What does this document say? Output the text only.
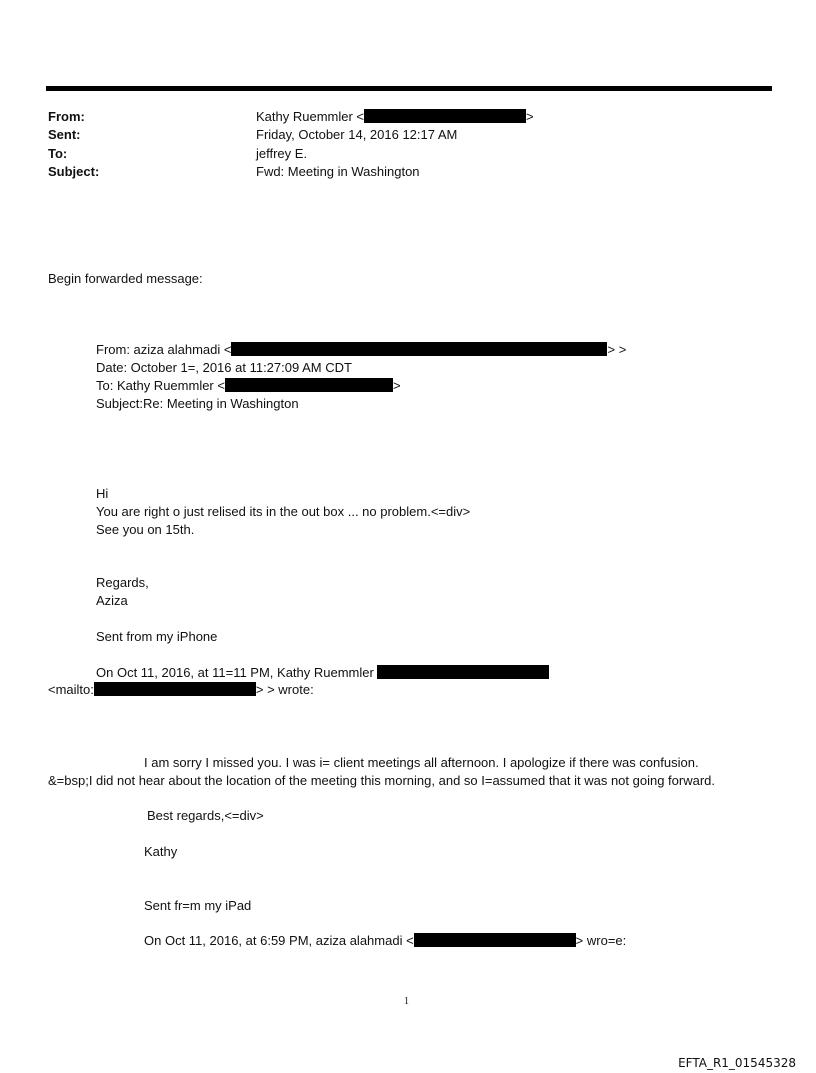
From:	Kathy Ruemmler <	>
Sent:	Friday, October 14, 2016 12:17 AM
To:	jeffrey E.
Subject:	Fwd: Meeting in Washington
Begin forwarded message:
From: aziza alahmadi <	> >
Date: October 1=, 2016 at 11:27:09 AM CDT
To: Kathy Ruemmler <	>
Subject:Re: Meeting in Washington
Hi
You are right o just relised its in the out box ... no problem.<=div>
See you on 15th.
Regards,
Aziza
Sent from my iPhone
On Oct 11, 2016, at 11=11 PM, Kathy Ruemmler
<mailto:	> > wrote:
I am sorry I missed you. I was i= client meetings all afternoon. I apologize if there was confusion.
&=bsp;I did not hear about the location of the meeting this morning, and so I=assumed that it was not going forward.
Best regards,<=div>
Kathy
Sent fr=m my iPad
On Oct 11, 2016, at 6:59 PM, aziza alahmadi <	> wro=e:
1
EFTA_R1_01545328
